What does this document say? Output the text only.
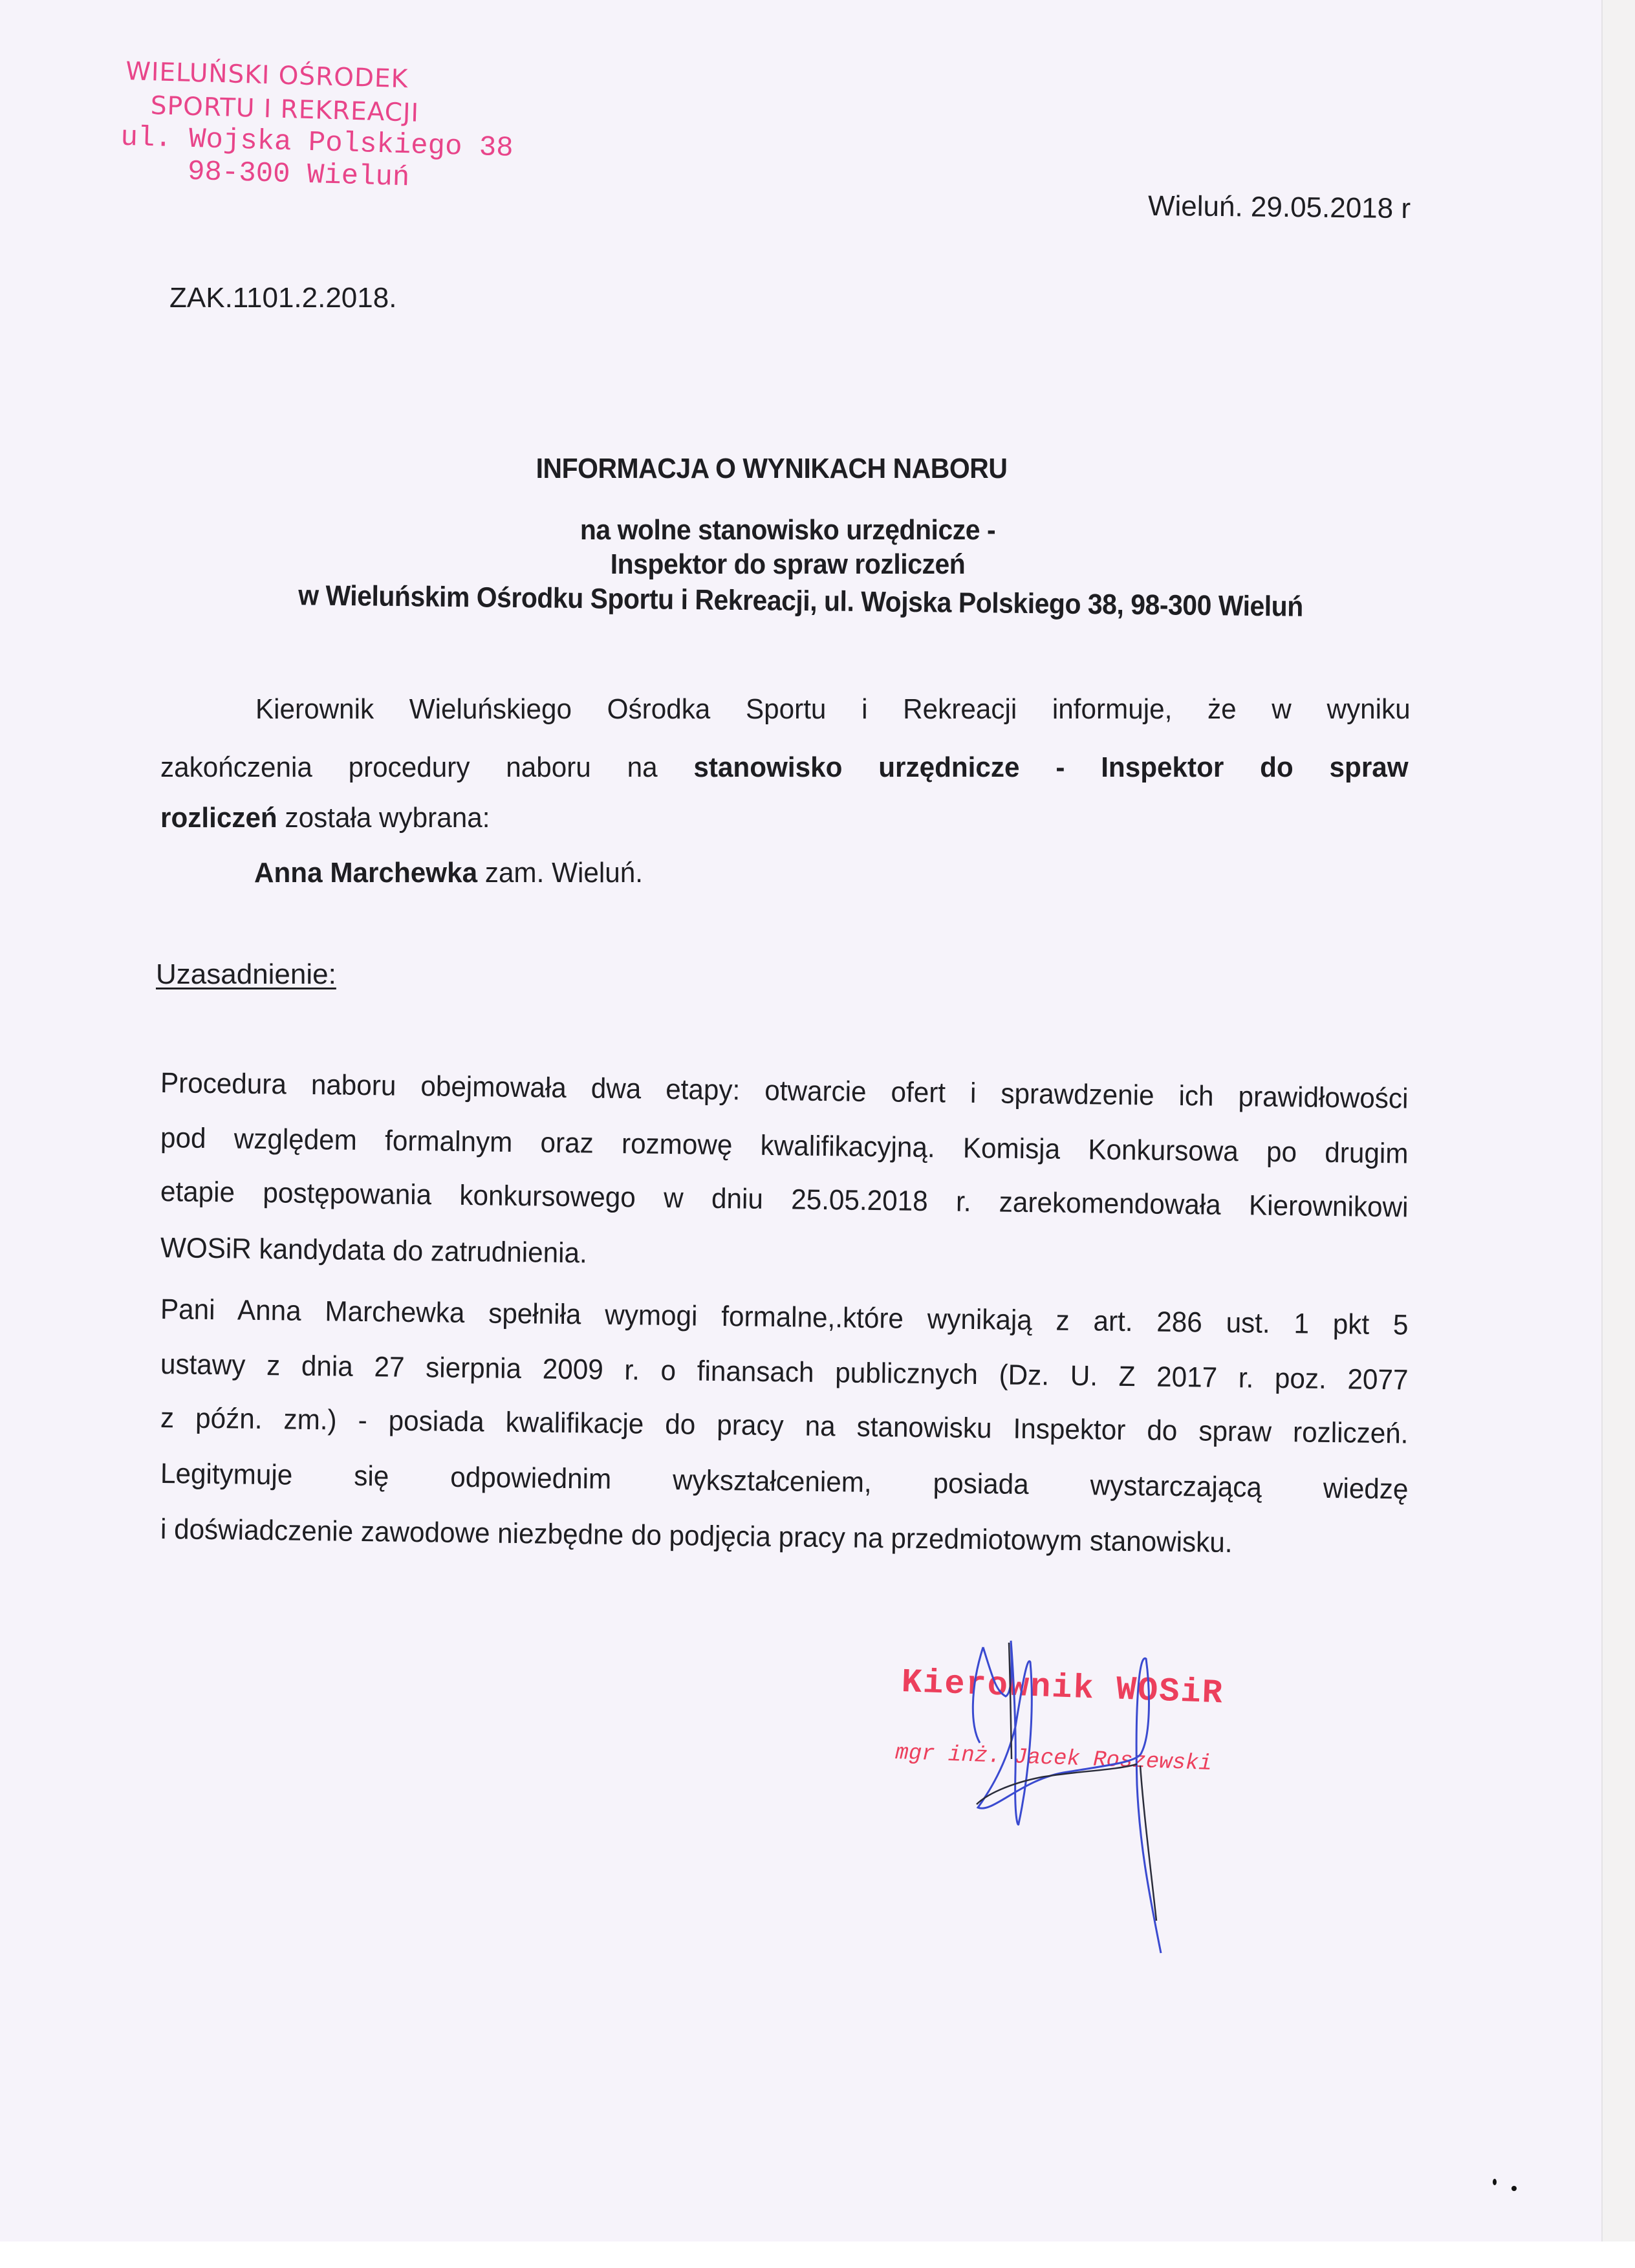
WIELUŃSKI OŚRODEK
SPORTU I REKREACJI
ul. Wojska Polskiego 38
98-300 Wieluń
Wieluń. 29.05.2018 r
ZAK.1101.2.2018.
INFORMACJA O WYNIKACH NABORU
na wolne stanowisko urzędnicze -
Inspektor do spraw rozliczeń
w Wieluńskim Ośrodku Sportu i Rekreacji, ul. Wojska Polskiego 38, 98-300 Wieluń
Kierownik Wieluńskiego Ośrodka Sportu i Rekreacji informuje, że w wyniku
zakończenia procedury naboru na stanowisko urzędnicze - Inspektor do spraw
rozliczeń została wybrana:
Anna Marchewka zam. Wieluń.
Uzasadnienie:
Procedura naboru obejmowała dwa etapy: otwarcie ofert i sprawdzenie ich prawidłowości
pod względem formalnym oraz rozmowę kwalifikacyjną. Komisja Konkursowa po drugim
etapie postępowania konkursowego w dniu 25.05.2018 r. zarekomendowała Kierownikowi
WOSiR kandydata do zatrudnienia.
Pani Anna Marchewka spełniła wymogi formalne,.które wynikają z art. 286 ust. 1 pkt 5
ustawy z dnia 27 sierpnia 2009 r. o finansach publicznych (Dz. U. Z 2017 r. poz. 2077
z późn. zm.) - posiada kwalifikacje do pracy na stanowisku Inspektor do spraw rozliczeń.
Legitymuje się odpowiednim wykształceniem, posiada wystarczającą wiedzę
i doświadczenie zawodowe niezbędne do podjęcia pracy na przedmiotowym stanowisku.
Kierownik WOSiR
mgr inż. Jacek Roszewski
